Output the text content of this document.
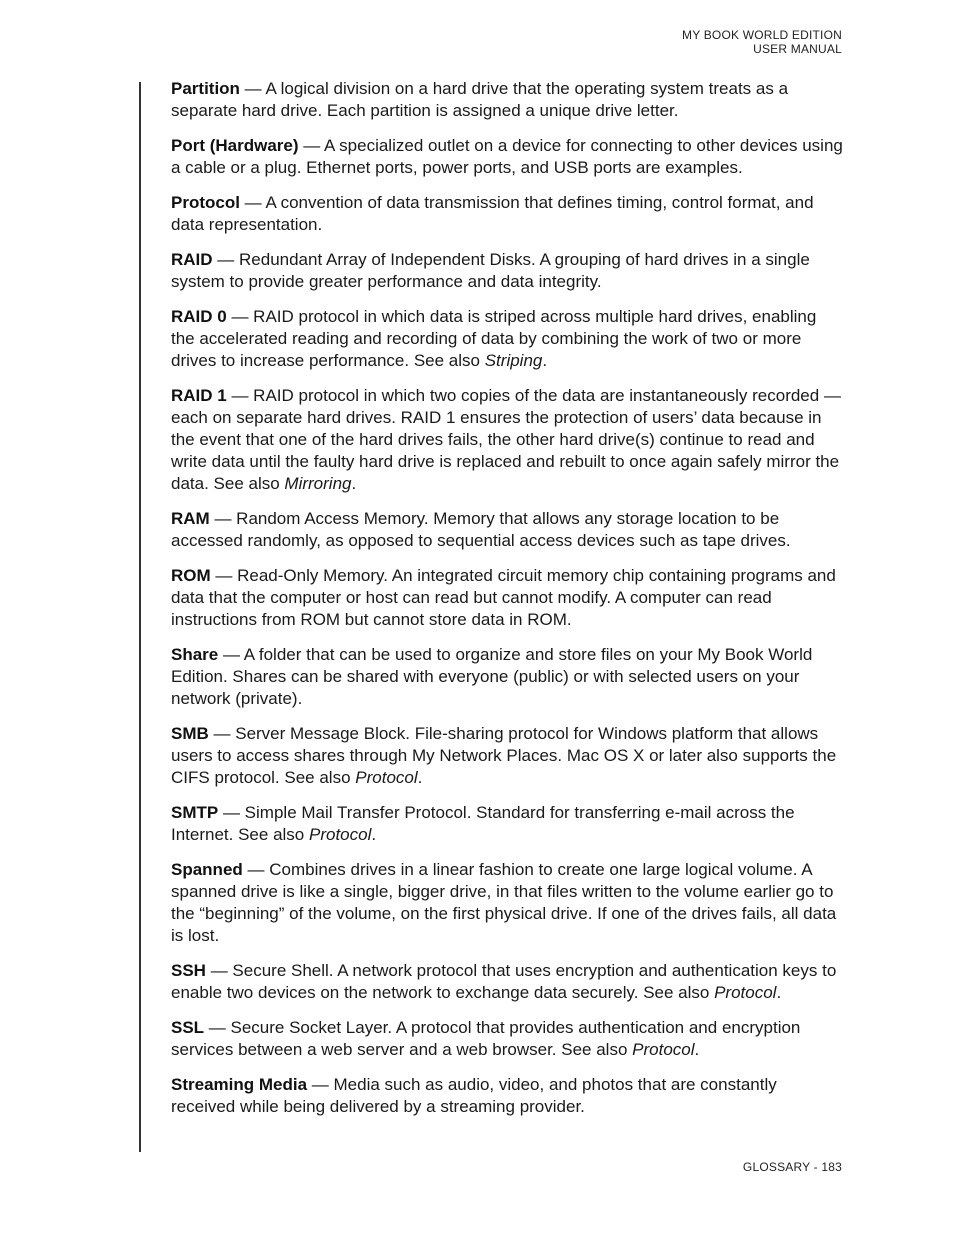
MY BOOK WORLD EDITION
USER MANUAL

Partition — A logical division on a hard drive that the operating system treats as a separate hard drive. Each partition is assigned a unique drive letter.

Port (Hardware) — A specialized outlet on a device for connecting to other devices using a cable or a plug. Ethernet ports, power ports, and USB ports are examples.

Protocol — A convention of data transmission that defines timing, control format, and data representation.

RAID — Redundant Array of Independent Disks. A grouping of hard drives in a single system to provide greater performance and data integrity.

RAID 0 — RAID protocol in which data is striped across multiple hard drives, enabling the accelerated reading and recording of data by combining the work of two or more drives to increase performance. See also Striping.

RAID 1 — RAID protocol in which two copies of the data are instantaneously recorded — each on separate hard drives. RAID 1 ensures the protection of users’ data because in the event that one of the hard drives fails, the other hard drive(s) continue to read and write data until the faulty hard drive is replaced and rebuilt to once again safely mirror the data. See also Mirroring.

RAM — Random Access Memory. Memory that allows any storage location to be accessed randomly, as opposed to sequential access devices such as tape drives.

ROM — Read-Only Memory. An integrated circuit memory chip containing programs and data that the computer or host can read but cannot modify. A computer can read instructions from ROM but cannot store data in ROM.

Share — A folder that can be used to organize and store files on your My Book World Edition. Shares can be shared with everyone (public) or with selected users on your network (private).

SMB — Server Message Block. File-sharing protocol for Windows platform that allows users to access shares through My Network Places. Mac OS X or later also supports the CIFS protocol. See also Protocol.

SMTP — Simple Mail Transfer Protocol. Standard for transferring e-mail across the Internet. See also Protocol.

Spanned — Combines drives in a linear fashion to create one large logical volume. A spanned drive is like a single, bigger drive, in that files written to the volume earlier go to the “beginning” of the volume, on the first physical drive. If one of the drives fails, all data is lost.

SSH — Secure Shell. A network protocol that uses encryption and authentication keys to enable two devices on the network to exchange data securely. See also Protocol.

SSL — Secure Socket Layer. A protocol that provides authentication and encryption services between a web server and a web browser. See also Protocol.

Streaming Media — Media such as audio, video, and photos that are constantly received while being delivered by a streaming provider.

GLOSSARY - 183
